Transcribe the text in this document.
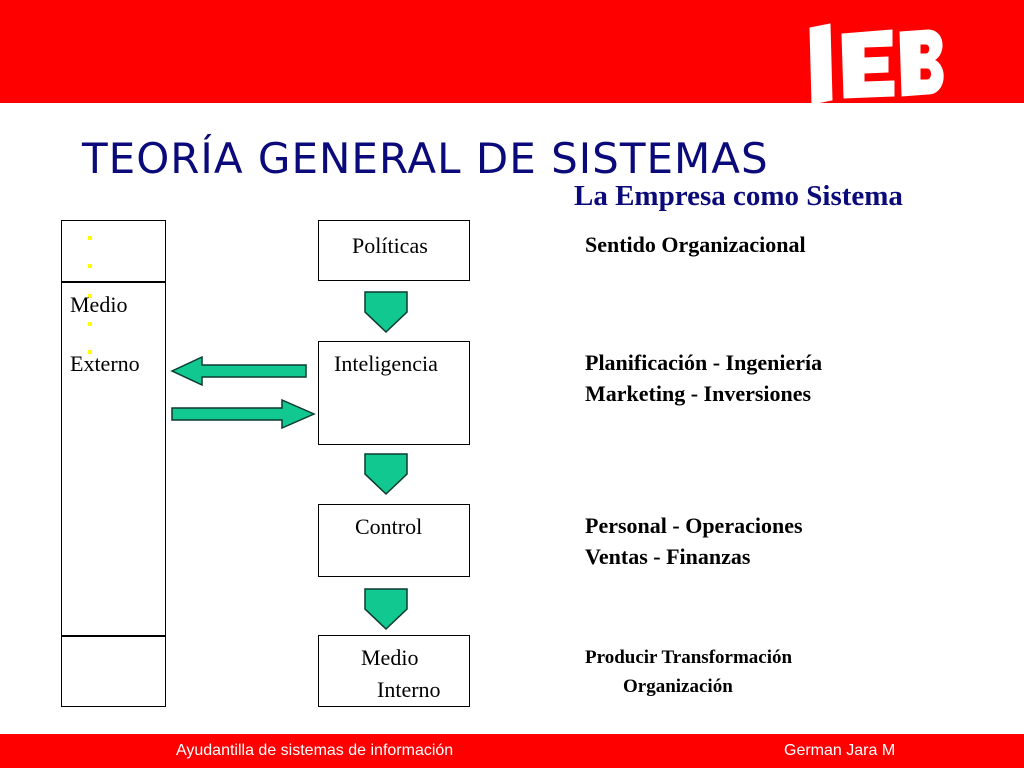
TEORÍA GENERAL DE SISTEMAS
La Empresa como Sistema
Medio
Externo
Políticas
Inteligencia
Control
Medio
Interno
Sentido Organizacional
Planificación - Ingeniería
Marketing - Inversiones
Personal - Operaciones
Ventas - Finanzas
Producir Transformación
Organización
Ayudantilla de sistemas de información	German Jara M
